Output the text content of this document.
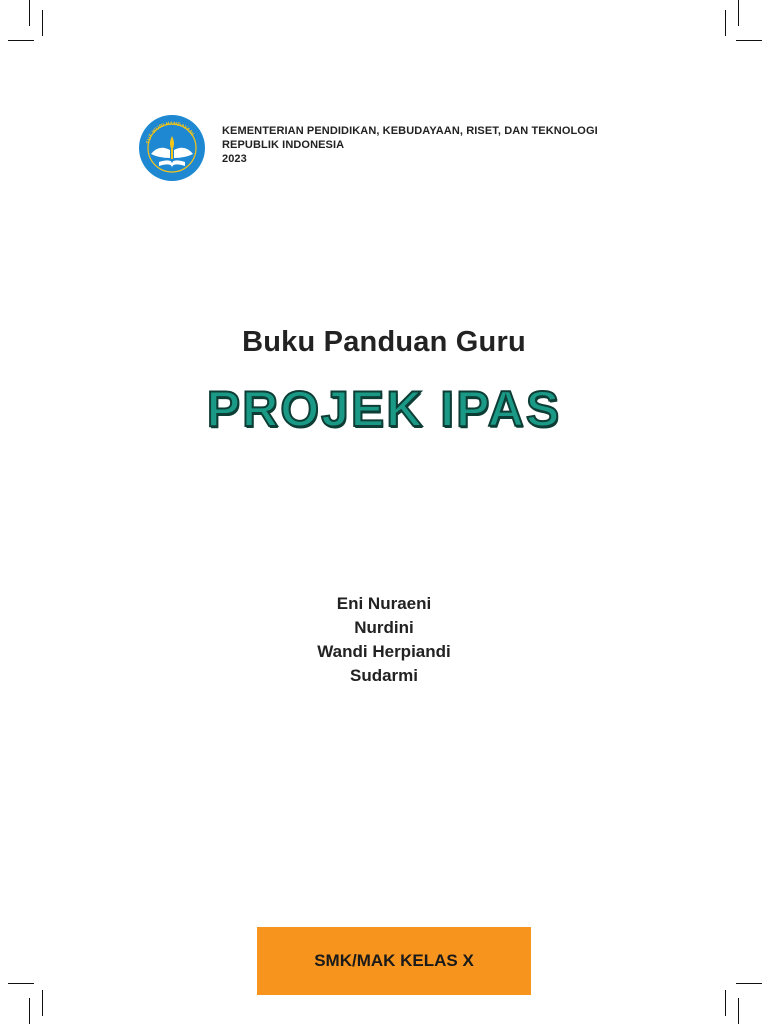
TUT WURI HANDAYANI KEMENTERIAN PENDIDIKAN, KEBUDAYAAN, RISET, DAN TEKNOLOGI
REPUBLIK INDONESIA
2023
Buku Panduan Guru
PROJEK IPAS
Eni Nuraeni
Nurdini
Wandi Herpiandi
Sudarmi
SMK/MAK KELAS X
